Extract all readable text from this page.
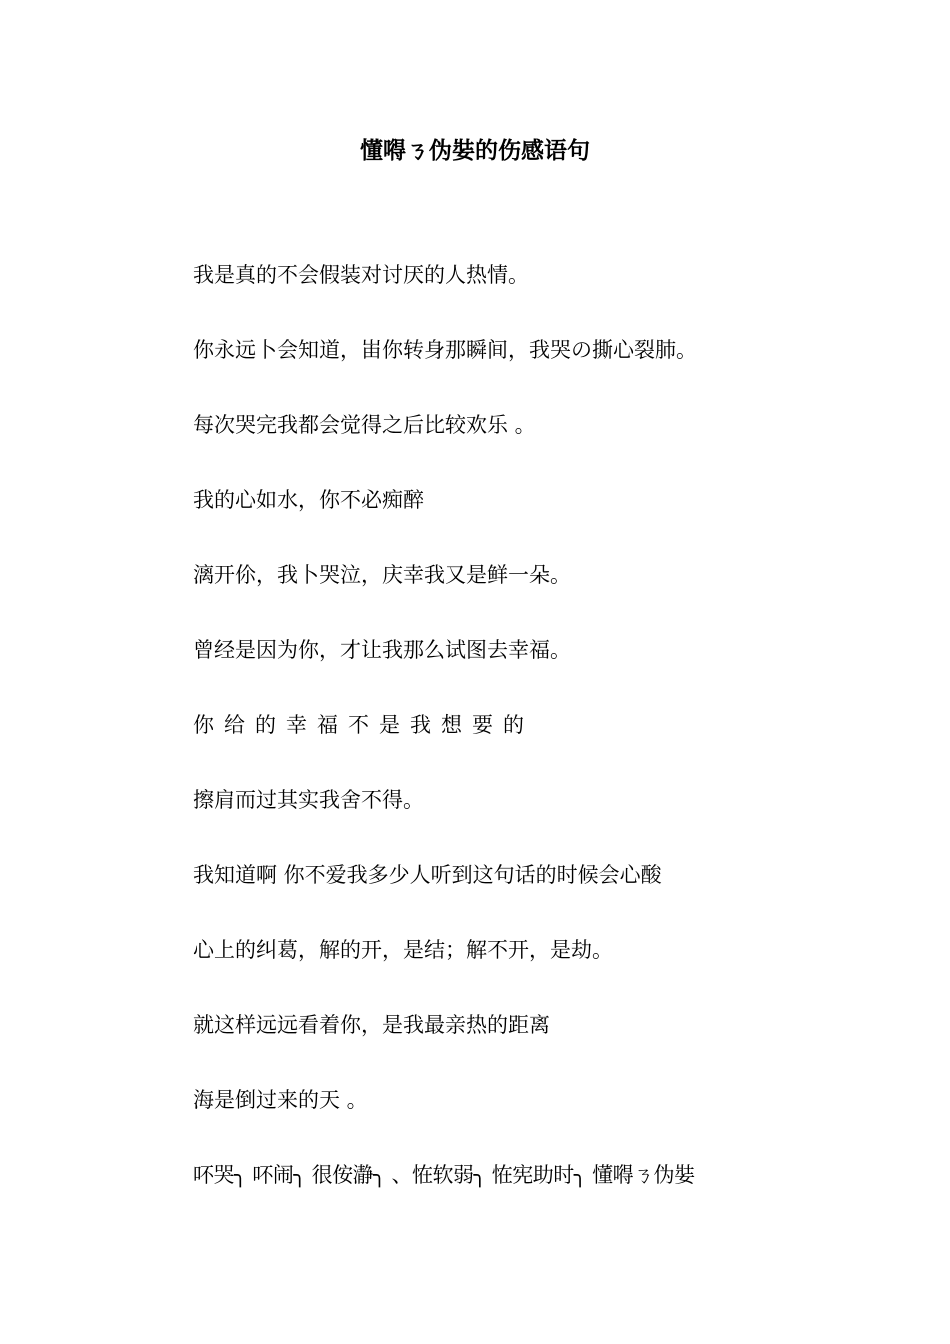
懂嘚ㄋ伪娤的伤感语句
我是真的不会假装对讨厌的人热情。
你永远卜会知道，峀你转身那瞬间，我哭の撕心裂肺。
每次哭完我都会觉得之后比较欢乐 。
我的心如水，你不必痴醉
漓开伱，我卜哭泣，庆幸我又是鲜一朵。
曾经是因为你，才让我那么试图去幸福。
你给的幸福不是我想要的
擦肩而过其实我舍不得。
我知道啊 你不爱我多少人听到这句话的时候会心酸
心上的纠葛，解的开，是结；解不开，是劫。
就这样远远看着你，是我最亲热的距离
海是倒过来的天 。
吥哭╮ 吥闹╮ 很侒瀞╮ 、恠软弱╮ 恠宪助时╮ 懂嘚ㄋ伪娤
